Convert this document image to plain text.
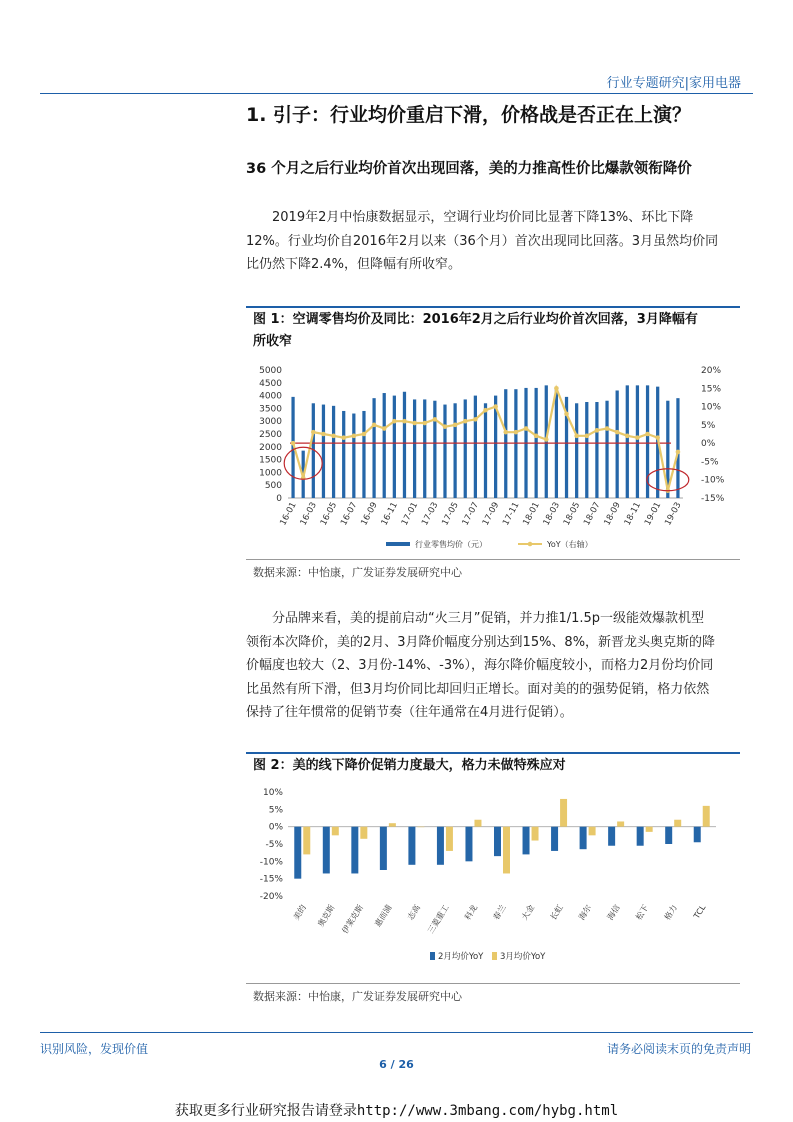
行业专题研究|家用电器
1. 引子：行业均价重启下滑，价格战是否正在上演？
36 个月之后行业均价首次出现回落，美的力推高性价比爆款领衔降价
2019年2月中怡康数据显示，空调行业均价同比显著下降13%、环比下降
12%。行业均价自2016年2月以来（36个月）首次出现同比回落。3月虽然均价同
比仍然下降2.4%，但降幅有所收窄。
图 1：空调零售均价及同比：2016年2月之后行业均价首次回落，3月降幅有
所收窄
0
500
1000
1500
2000
2500
3000
3500
4000
4500
5000
-15%
-10%
-5%
0%
5%
10%
15%
20%
16-01 16-03 16-05 16-07 16-09 16-11 17-01 17-03 17-05 17-07 17-09 17-11 18-01 18-03 18-05 18-07 18-09 18-11 19-01 19-03
行业零售均价（元）	YoY（右轴）
数据来源：中怡康，广发证券发展研究中心
分品牌来看，美的提前启动“火三月”促销，并力推1/1.5p一级能效爆款机型
领衔本次降价，美的2月、3月降价幅度分别达到15%、8%，新晋龙头奥克斯的降
价幅度也较大（2、3月份-14%、-3%），海尔降价幅度较小，而格力2月份均价同
比虽然有所下滑，但3月均价同比却回归正增长。面对美的的强势促销，格力依然
保持了往年惯常的促销节奏（往年通常在4月进行促销）。
图 2：美的线下降价促销力度最大，格力未做特殊应对
-20%
-15%
-10%
-5%
0%
5%
10%
美的 奥克斯 伊莱克斯 惠而浦 志高 三菱重工 科龙 春兰 大金 长虹 海尔 海信 松下 格力 TCL
2月均价YoY 3月均价YoY
数据来源：中怡康，广发证券发展研究中心
识别风险，发现价值	请务必阅读末页的免责声明
6 / 26
获取更多行业研究报告请登录http://www.3mbang.com/hybg.html
